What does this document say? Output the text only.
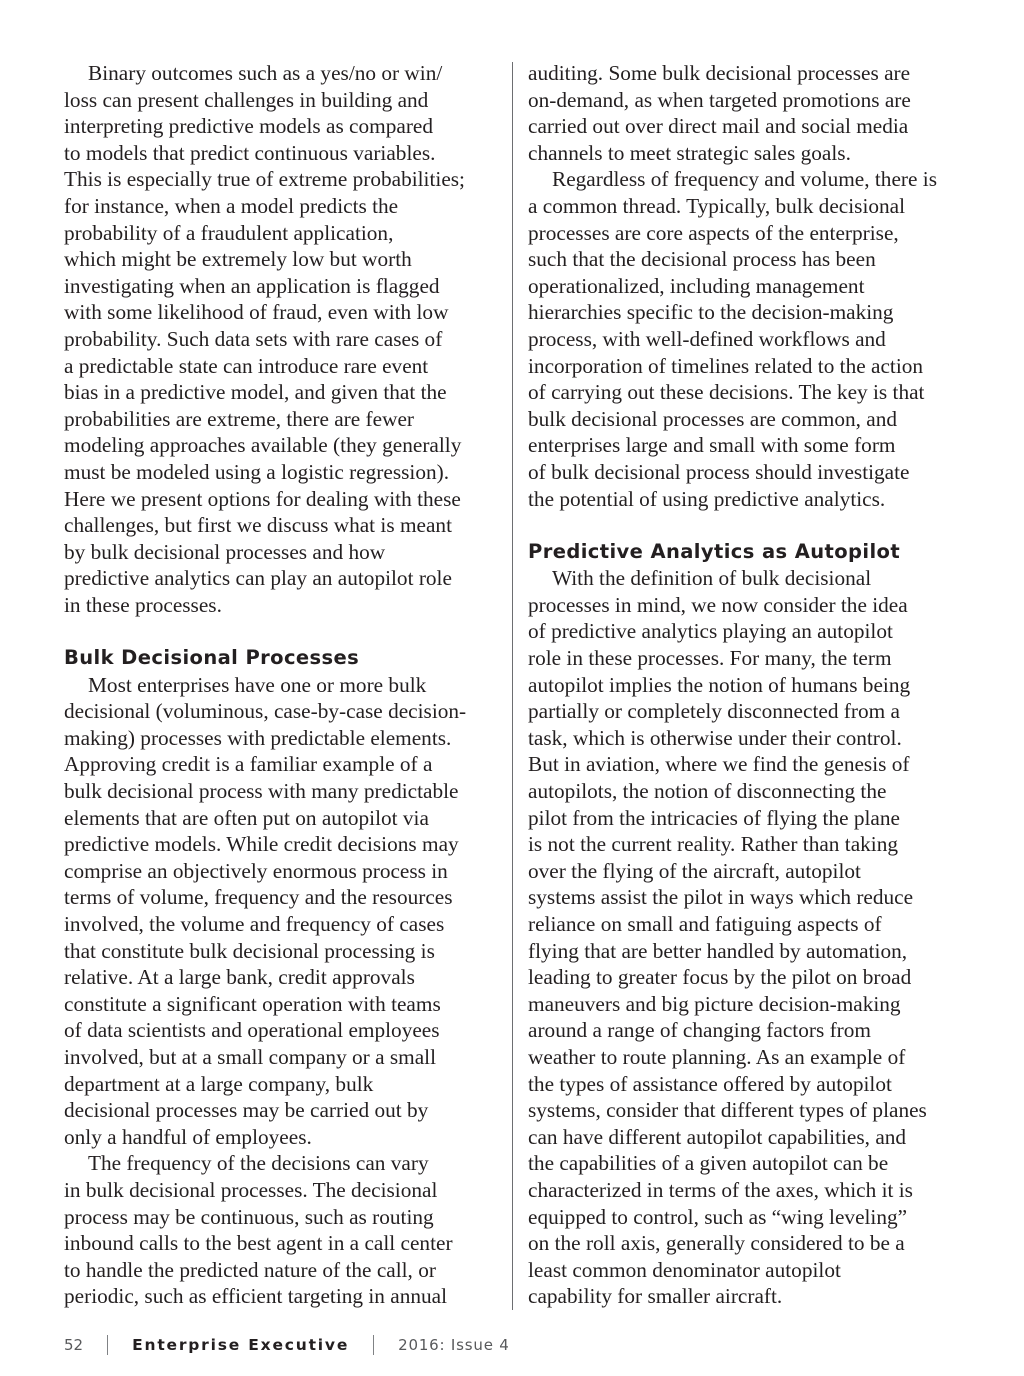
Binary outcomes such as a yes/no or win/
loss can present challenges in building and
interpreting predictive models as compared
to models that predict continuous variables.
This is especially true of extreme probabilities;
for instance, when a model predicts the
probability of a fraudulent application,
which might be extremely low but worth
investigating when an application is flagged
with some likelihood of fraud, even with low
probability. Such data sets with rare cases of
a predictable state can introduce rare event
bias in a predictive model, and given that the
probabilities are extreme, there are fewer
modeling approaches available (they generally
must be modeled using a logistic regression).
Here we present options for dealing with these
challenges, but first we discuss what is meant
by bulk decisional processes and how
predictive analytics can play an autopilot role
in these processes.
Bulk Decisional Processes
Most enterprises have one or more bulk
decisional (voluminous, case-by-case decision-
making) processes with predictable elements.
Approving credit is a familiar example of a
bulk decisional process with many predictable
elements that are often put on autopilot via
predictive models. While credit decisions may
comprise an objectively enormous process in
terms of volume, frequency and the resources
involved, the volume and frequency of cases
that constitute bulk decisional processing is
relative. At a large bank, credit approvals
constitute a significant operation with teams
of data scientists and operational employees
involved, but at a small company or a small
department at a large company, bulk
decisional processes may be carried out by
only a handful of employees.
The frequency of the decisions can vary
in bulk decisional processes. The decisional
process may be continuous, such as routing
inbound calls to the best agent in a call center
to handle the predicted nature of the call, or
periodic, such as efficient targeting in annual
auditing. Some bulk decisional processes are
on-demand, as when targeted promotions are
carried out over direct mail and social media
channels to meet strategic sales goals.
Regardless of frequency and volume, there is
a common thread. Typically, bulk decisional
processes are core aspects of the enterprise,
such that the decisional process has been
operationalized, including management
hierarchies specific to the decision-making
process, with well-defined workflows and
incorporation of timelines related to the action
of carrying out these decisions. The key is that
bulk decisional processes are common, and
enterprises large and small with some form
of bulk decisional process should investigate
the potential of using predictive analytics.
Predictive Analytics as Autopilot
With the definition of bulk decisional
processes in mind, we now consider the idea
of predictive analytics playing an autopilot
role in these processes. For many, the term
autopilot implies the notion of humans being
partially or completely disconnected from a
task, which is otherwise under their control.
But in aviation, where we find the genesis of
autopilots, the notion of disconnecting the
pilot from the intricacies of flying the plane
is not the current reality. Rather than taking
over the flying of the aircraft, autopilot
systems assist the pilot in ways which reduce
reliance on small and fatiguing aspects of
flying that are better handled by automation,
leading to greater focus by the pilot on broad
maneuvers and big picture decision-making
around a range of changing factors from
weather to route planning. As an example of
the types of assistance offered by autopilot
systems, consider that different types of planes
can have different autopilot capabilities, and
the capabilities of a given autopilot can be
characterized in terms of the axes, which it is
equipped to control, such as “wing leveling”
on the roll axis, generally considered to be a
least common denominator autopilot
capability for smaller aircraft.
52	Enterprise Executive	2016: Issue 4
